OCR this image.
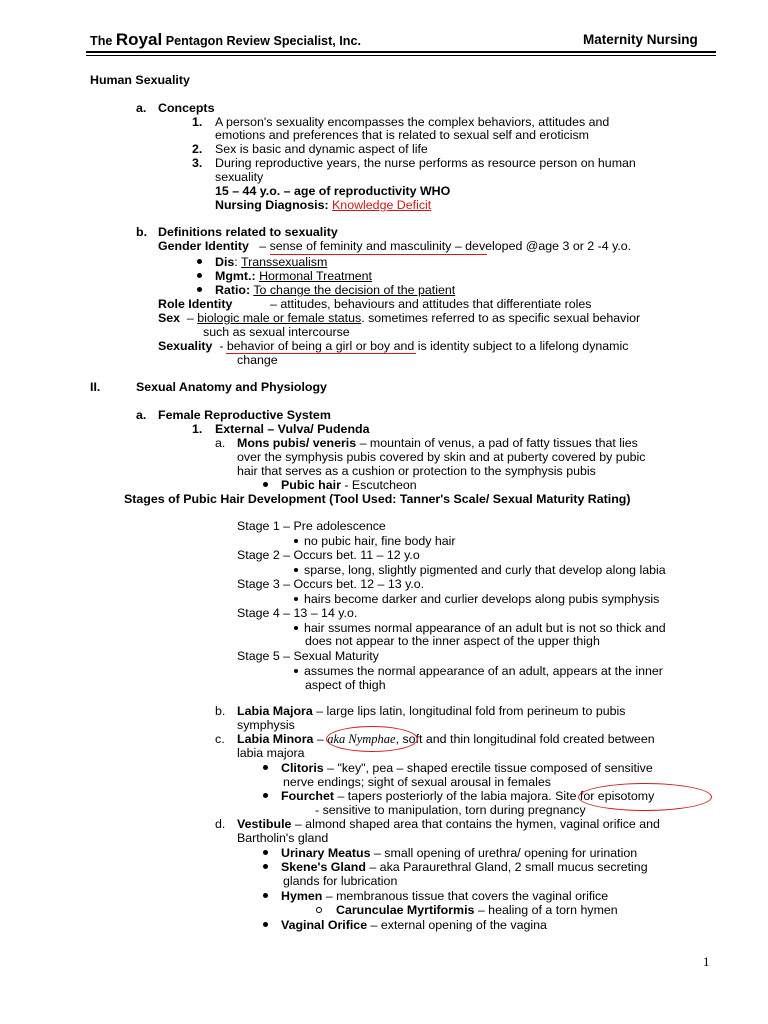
The Royal Pentagon Review Specialist, Inc.	Maternity Nursing
Human Sexuality
a. Concepts
1. A person's sexuality encompasses the complex behaviors, attitudes and
emotions and preferences that is related to sexual self and eroticism
2. Sex is basic and dynamic aspect of life
3. During reproductive years, the nurse performs as resource person on human
sexuality
15 – 44 y.o. – age of reproductivity WHO
Nursing Diagnosis: Knowledge Deficit
b. Definitions related to sexuality
Gender Identity   – sense of feminity and masculinity – developed @age 3 or 2 -4 y.o.
Dis: Transsexualism
Mgmt.: Hormonal Treatment
Ratio: To change the decision of the patient
Role Identity	– attitudes, behaviours and attitudes that differentiate roles
Sex  – biologic male or female status. sometimes referred to as specific sexual behavior
such as sexual intercourse
Sexuality - behavior of being a girl or boy and is identity subject to a lifelong dynamic
change
II.	Sexual Anatomy and Physiology
a. Female Reproductive System
1. External – Vulva/ Pudenda
a. Mons pubis/ veneris – mountain of venus, a pad of fatty tissues that lies
over the symphysis pubis covered by skin and at puberty covered by pubic
hair that serves as a cushion or protection to the symphysis pubis
Pubic hair - Escutcheon
Stages of Pubic Hair Development (Tool Used: Tanner's Scale/ Sexual Maturity Rating)
Stage 1 – Pre adolescence
no pubic hair, fine body hair
Stage 2 – Occurs bet. 11 – 12 y.o
sparse, long, slightly pigmented and curly that develop along labia
Stage 3 – Occurs bet. 12 – 13 y.o.
hairs become darker and curlier develops along pubis symphysis
Stage 4 – 13 – 14 y.o.
hair ssumes normal appearance of an adult but is not so thick and
does not appear to the inner aspect of the upper thigh
Stage 5 – Sexual Maturity
assumes the normal appearance of an adult, appears at the inner
aspect of thigh
b. Labia Majora – large lips latin, longitudinal fold from perineum to pubis
symphysis
c. Labia Minora – aka Nymphae, soft and thin longitudinal fold created between
labia majora
Clitoris – "key", pea – shaped erectile tissue composed of sensitive
nerve endings; sight of sexual arousal in females
Fourchet – tapers posteriorly of the labia majora. Site for episotomy
- sensitive to manipulation, torn during pregnancy
d. Vestibule – almond shaped area that contains the hymen, vaginal orifice and
Bartholin's gland
Urinary Meatus – small opening of urethra/ opening for urination
Skene's Gland – aka Paraurethral Gland, 2 small mucus secreting
glands for lubrication
Hymen – membranous tissue that covers the vaginal orifice
Carunculae Myrtiformis – healing of a torn hymen
Vaginal Orifice – external opening of the vagina
1
